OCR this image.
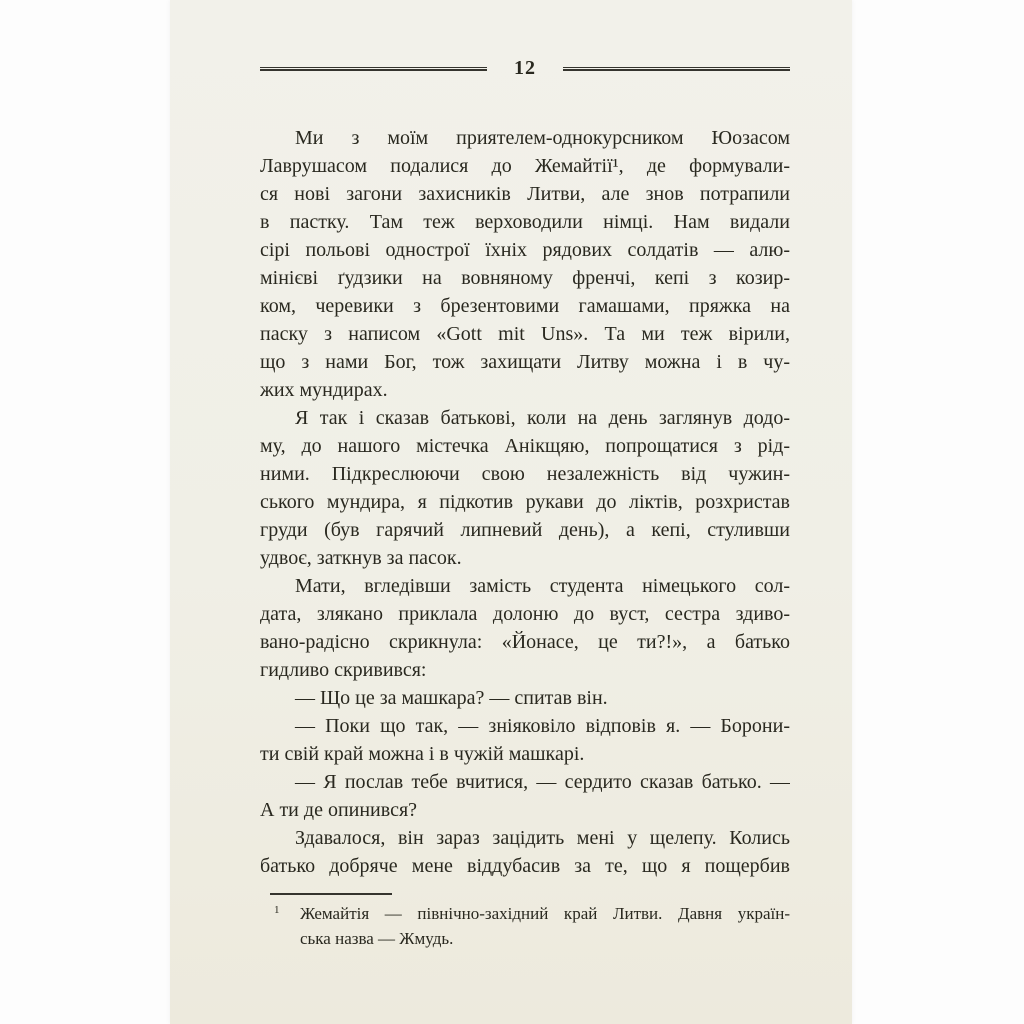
12
Ми з моїм приятелем-однокурсником Юозасом
Лаврушасом подалися до Жемайтії¹, де формували-
ся нові загони захисників Литви, але знов потрапили
в пастку. Там теж верховодили німці. Нам видали
сірі польові однострої їхніх рядових солдатів — алю-
мінієві ґудзики на вовняному френчі, кепі з козир-
ком, черевики з брезентовими гамашами, пряжка на
паску з написом «Gott mit Uns». Та ми теж вірили,
що з нами Бог, тож захищати Литву можна і в чу-
жих мундирах.
Я так і сказав батькові, коли на день заглянув додо-
му, до нашого містечка Анікщяю, попрощатися з рід-
ними. Підкреслюючи свою незалежність від чужин-
ського мундира, я підкотив рукави до ліктів, розхристав
груди (був гарячий липневий день), а кепі, стуливши
удвоє, заткнув за пасок.
Мати, вгледівши замість студента німецького сол-
дата, злякано приклала долоню до вуст, сестра здиво-
вано-радісно скрикнула: «Йонасе, це ти?!», а батько
гидливо скривився:
— Що це за машкара? — спитав він.
— Поки що так, — зніяковіло відповів я. — Борони-
ти свій край можна і в чужій машкарі.
— Я послав тебе вчитися, — сердито сказав батько. —
А ти де опинився?
Здавалося, він зараз зацідить мені у щелепу. Колись
батько добряче мене віддубасив за те, що я пощербив
1	Жемайтія — північно-західний край Литви. Давня україн-
ська назва — Жмудь.
